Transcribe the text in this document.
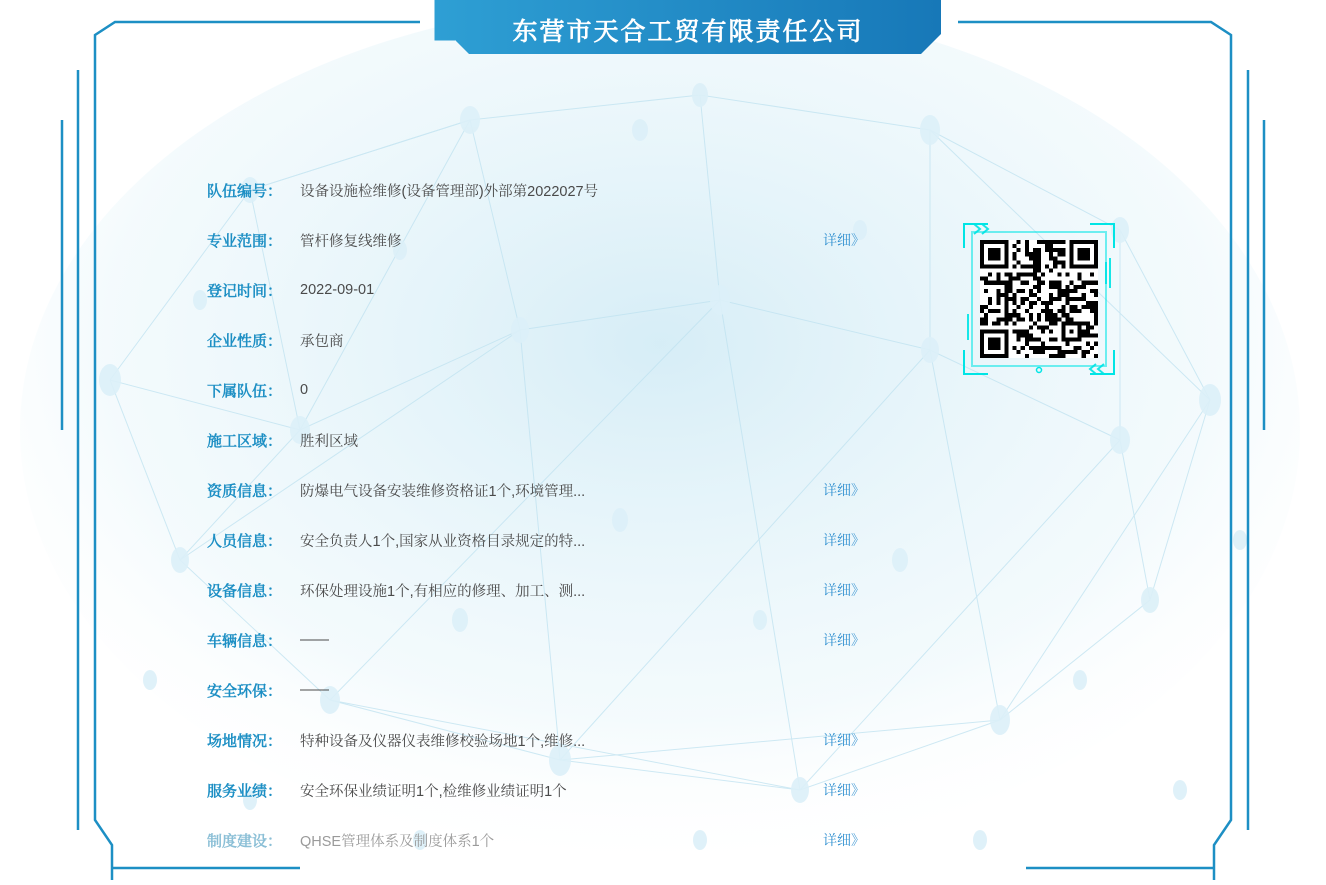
东营市天合工贸有限责任公司
队伍编号：	设备设施检维修(设备管理部)外部第2022027号
专业范围：	管杆修复线维修	详细》
登记时间：	2022-09-01
企业性质：	承包商
下属队伍：	0
施工区域：	胜利区域
资质信息：	防爆电气设备安装维修资格证1个,环境管理...	详细》
人员信息：	安全负责人1个,国家从业资格目录规定的特...	详细》
设备信息：	环保处理设施1个,有相应的修理、加工、测...	详细》
车辆信息：	——	详细》
安全环保：	——
场地情况：	特种设备及仪器仪表维修校验场地1个,维修...	详细》
服务业绩：	安全环保业绩证明1个,检维修业绩证明1个	详细》
制度建设：	QHSE管理体系及制度体系1个	详细》
